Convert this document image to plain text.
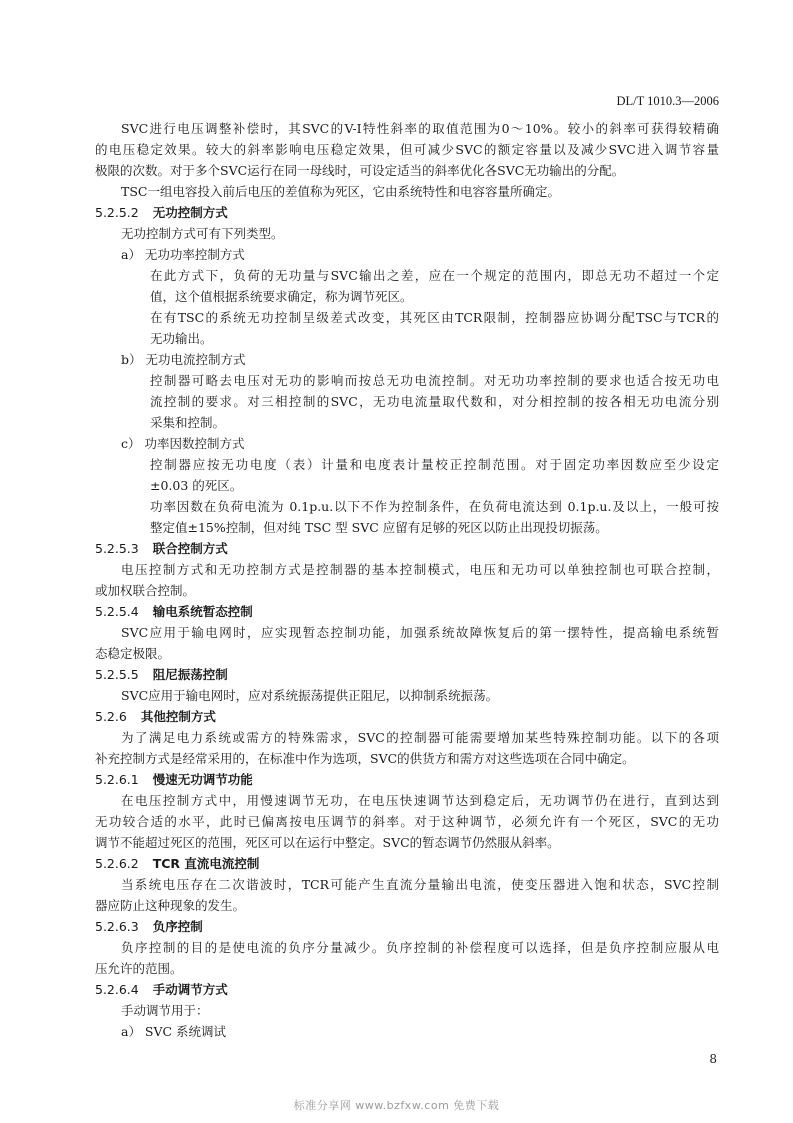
DL/T 1010.3—2006
SVC进行电压调整补偿时，其SVC的V-I特性斜率的取值范围为0～10%。较小的斜率可获得较精确
的电压稳定效果。较大的斜率影响电压稳定效果，但可减少SVC的额定容量以及减少SVC进入调节容量
极限的次数。对于多个SVC运行在同一母线时，可设定适当的斜率优化各SVC无功输出的分配。
TSC一组电容投入前后电压的差值称为死区，它由系统特性和电容容量所确定。
5.2.5.2 无功控制方式
无功控制方式可有下列类型。
a） 无功功率控制方式
在此方式下，负荷的无功量与SVC输出之差，应在一个规定的范围内，即总无功不超过一个定
值，这个值根据系统要求确定，称为调节死区。
在有TSC的系统无功控制呈级差式改变，其死区由TCR限制，控制器应协调分配TSC与TCR的
无功输出。
b） 无功电流控制方式
控制器可略去电压对无功的影响而按总无功电流控制。对无功功率控制的要求也适合按无功电
流控制的要求。对三相控制的SVC，无功电流量取代数和，对分相控制的按各相无功电流分别
采集和控制。
c） 功率因数控制方式
控制器应按无功电度（表）计量和电度表计量校正控制范围。对于固定功率因数应至少设定
±0.03 的死区。
功率因数在负荷电流为 0.1p.u.以下不作为控制条件，在负荷电流达到 0.1p.u.及以上，一般可按
整定值±15%控制，但对纯 TSC 型 SVC 应留有足够的死区以防止出现投切振荡。
5.2.5.3 联合控制方式
电压控制方式和无功控制方式是控制器的基本控制模式，电压和无功可以单独控制也可联合控制，
或加权联合控制。
5.2.5.4 输电系统暂态控制
SVC应用于输电网时，应实现暂态控制功能，加强系统故障恢复后的第一摆特性，提高输电系统暂
态稳定极限。
5.2.5.5 阻尼振荡控制
SVC应用于输电网时，应对系统振荡提供正阻尼，以抑制系统振荡。
5.2.6 其他控制方式
为了满足电力系统或需方的特殊需求，SVC的控制器可能需要增加某些特殊控制功能。以下的各项
补充控制方式是经常采用的，在标准中作为选项，SVC的供货方和需方对这些选项在合同中确定。
5.2.6.1 慢速无功调节功能
在电压控制方式中，用慢速调节无功，在电压快速调节达到稳定后，无功调节仍在进行，直到达到
无功较合适的水平，此时已偏离按电压调节的斜率。对于这种调节，必须允许有一个死区，SVC的无功
调节不能超过死区的范围，死区可以在运行中整定。SVC的暂态调节仍然服从斜率。
5.2.6.2 TCR 直流电流控制
当系统电压存在二次谐波时，TCR可能产生直流分量输出电流，使变压器进入饱和状态，SVC控制
器应防止这种现象的发生。
5.2.6.3 负序控制
负序控制的目的是使电流的负序分量减少。负序控制的补偿程度可以选择，但是负序控制应服从电
压允许的范围。
5.2.6.4 手动调节方式
手动调节用于：
a） SVC 系统调试
8
标准分享网 www.bzfxw.com 免费下载
